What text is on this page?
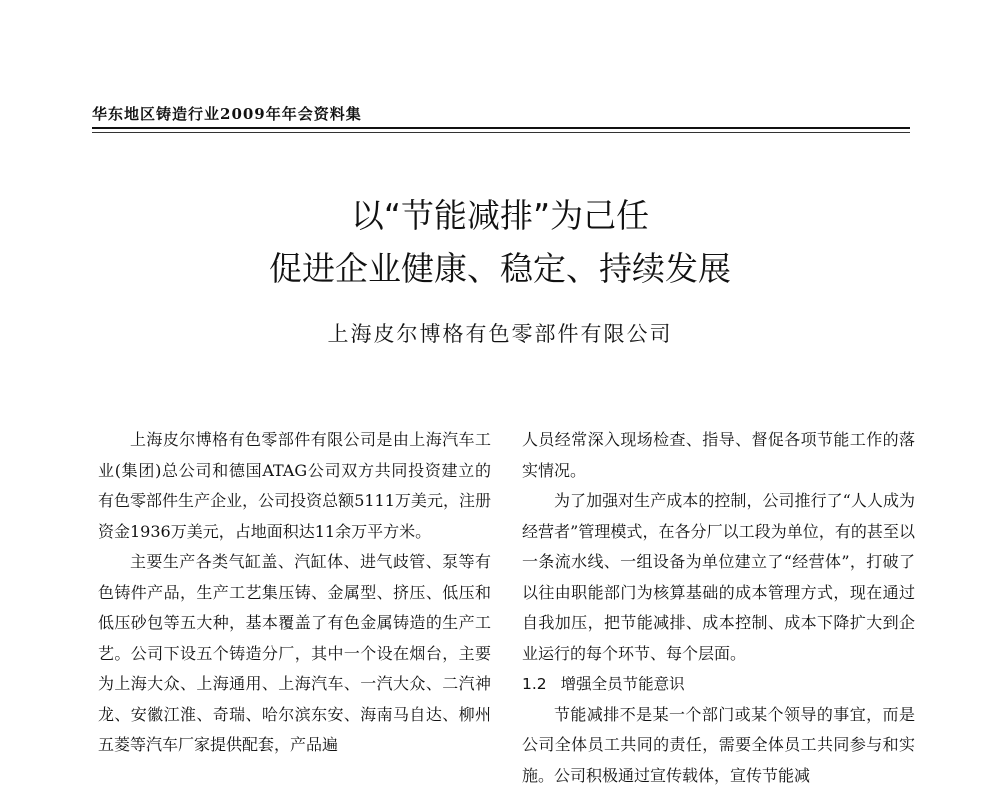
华东地区铸造行业2009年年会资料集
以“节能减排”为己任
促进企业健康、稳定、持续发展
上海皮尔博格有色零部件有限公司

上海皮尔博格有色零部件有限公司是由上海汽车工业(集团)总公司和德国ATAG公司双方共同投资建立的有色零部件生产企业，公司投资总额5111万美元，注册资金1936万美元，占地面积达11余万平方米。

主要生产各类气缸盖、汽缸体、进气歧管、泵等有色铸件产品，生产工艺集压铸、金属型、挤压、低压和低压砂包等五大种，基本覆盖了有色金属铸造的生产工艺。公司下设五个铸造分厂，其中一个设在烟台，主要为上海大众、上海通用、上海汽车、一汽大众、二汽神龙、安徽江淮、奇瑞、哈尔滨东安、海南马自达、柳州五菱等汽车厂家提供配套，产品遍

人员经常深入现场检查、指导、督促各项节能工作的落实情况。

为了加强对生产成本的控制，公司推行了“人人成为经营者”管理模式，在各分厂以工段为单位，有的甚至以一条流水线、一组设备为单位建立了“经营体”，打破了以往由职能部门为核算基础的成本管理方式，现在通过自我加压，把节能减排、成本控制、成本下降扩大到企业运行的每个环节、每个层面。

1.2 增强全员节能意识

节能减排不是某一个部门或某个领导的事宜，而是公司全体员工共同的责任，需要全体员工共同参与和实施。公司积极通过宣传载体，宣传节能减
